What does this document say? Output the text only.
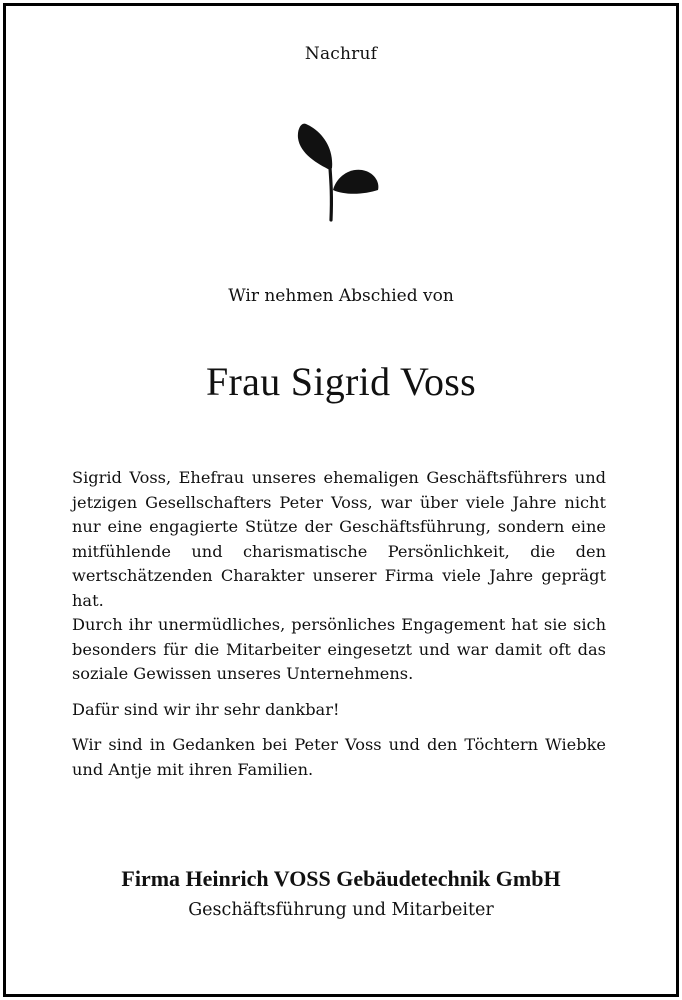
Nachruf
Wir nehmen Abschied von
Frau Sigrid Voss

Sigrid Voss, Ehefrau unseres ehemaligen Geschäftsführers und jetzigen Gesellschafters Peter Voss, war über viele Jahre nicht nur eine engagierte Stütze der Geschäftsführung, sondern eine mitfühlende und charismatische Persönlichkeit, die den wertschätzenden Charakter unserer Firma viele Jahre geprägt hat.

Durch ihr unermüdliches, persönliches Engagement hat sie sich besonders für die Mitarbeiter eingesetzt und war damit oft das soziale Gewissen unseres Unternehmens.

Dafür sind wir ihr sehr dankbar!

Wir sind in Gedanken bei Peter Voss und den Töchtern Wiebke und Antje mit ihren Familien.

Firma Heinrich VOSS Gebäudetechnik GmbH
Geschäftsführung und Mitarbeiter
